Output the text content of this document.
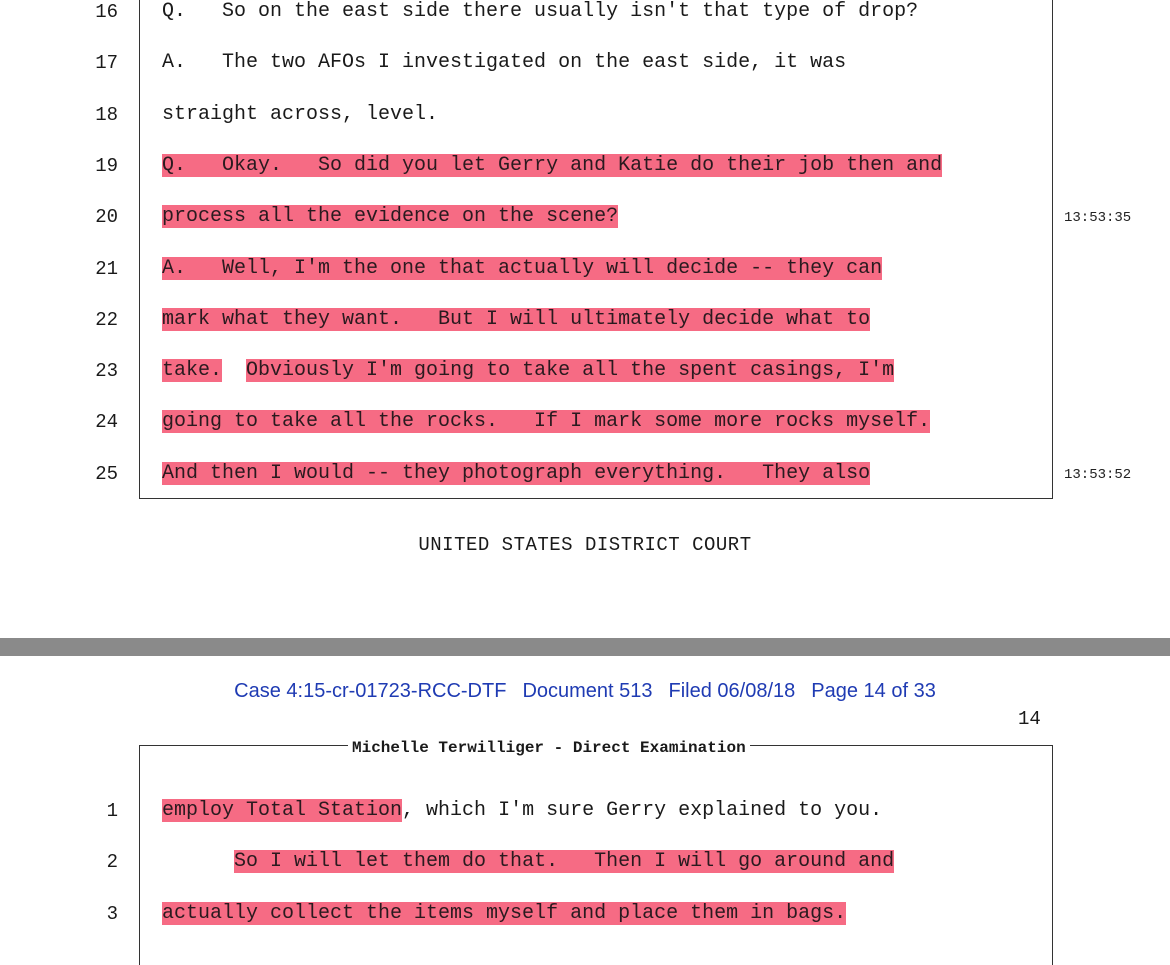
16 Q.   So on the east side there usually isn't that type of drop?
17 A.   The two AFOs I investigated on the east side, it was
18 straight across, level.
19 Q.   Okay.   So did you let Gerry and Katie do their job then and
20 process all the evidence on the scene?	13:53:35
21 A.   Well, I'm the one that actually will decide -- they can
22 mark what they want.   But I will ultimately decide what to
23 take. Obviously I'm going to take all the spent casings, I'm
24 going to take all the rocks.   If I mark some more rocks myself.
25 And then I would -- they photograph everything.   They also	13:53:52
UNITED STATES DISTRICT COURT
Case 4:15-cr-01723-RCC-DTF Document 513 Filed 06/08/18 Page 14 of 33
14
Michelle Terwilliger - Direct Examination
1 employ Total Station, which I'm sure Gerry explained to you.
2	So I will let them do that.   Then I will go around and
3 actually collect the items myself and place them in bags.
